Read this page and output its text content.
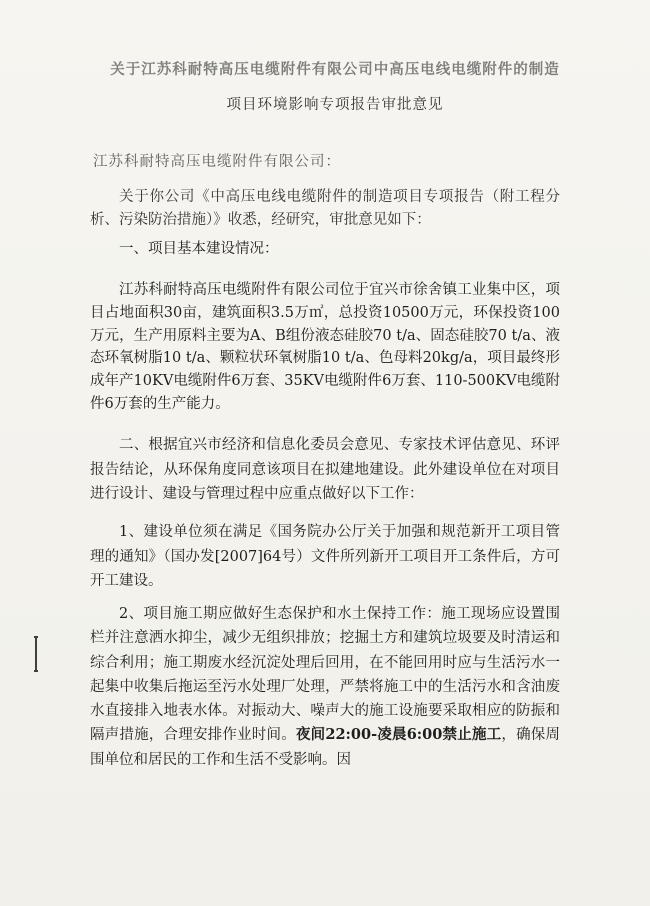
关于江苏科耐特高压电缆附件有限公司中高压电线电缆附件的制造
项目环境影响专项报告审批意见
江苏科耐特高压电缆附件有限公司：
关于你公司《中高压电线电缆附件的制造项目专项报告（附工程分析、污染防治措施）》收悉，经研究，审批意见如下：
一、项目基本建设情况：
江苏科耐特高压电缆附件有限公司位于宜兴市徐舍镇工业集中区，项目占地面积30亩，建筑面积3.5万㎡，总投资10500万元，环保投资100万元，生产用原料主要为A、B组份液态硅胶70 t/a、固态硅胶70 t/a、液态环氧树脂10 t/a、颗粒状环氧树脂10 t/a、色母料20kg/a，项目最终形成年产10KV电缆附件6万套、35KV电缆附件6万套、110-500KV电缆附件6万套的生产能力。
二、根据宜兴市经济和信息化委员会意见、专家技术评估意见、环评报告结论，从环保角度同意该项目在拟建地建设。此外建设单位在对项目进行设计、建设与管理过程中应重点做好以下工作：
1、建设单位须在满足《国务院办公厅关于加强和规范新开工项目管理的通知》（国办发[2007]64号）文件所列新开工项目开工条件后，方可开工建设。
2、项目施工期应做好生态保护和水土保持工作：施工现场应设置围栏并注意洒水抑尘，减少无组织排放；挖掘土方和建筑垃圾要及时清运和综合利用；施工期废水经沉淀处理后回用，在不能回用时应与生活污水一起集中收集后拖运至污水处理厂处理，严禁将施工中的生活污水和含油废水直接排入地表水体。对振动大、噪声大的施工设施要采取相应的防振和隔声措施，合理安排作业时间。夜间22:00-凌晨6:00禁止施工，确保周围单位和居民的工作和生活不受影响。因
